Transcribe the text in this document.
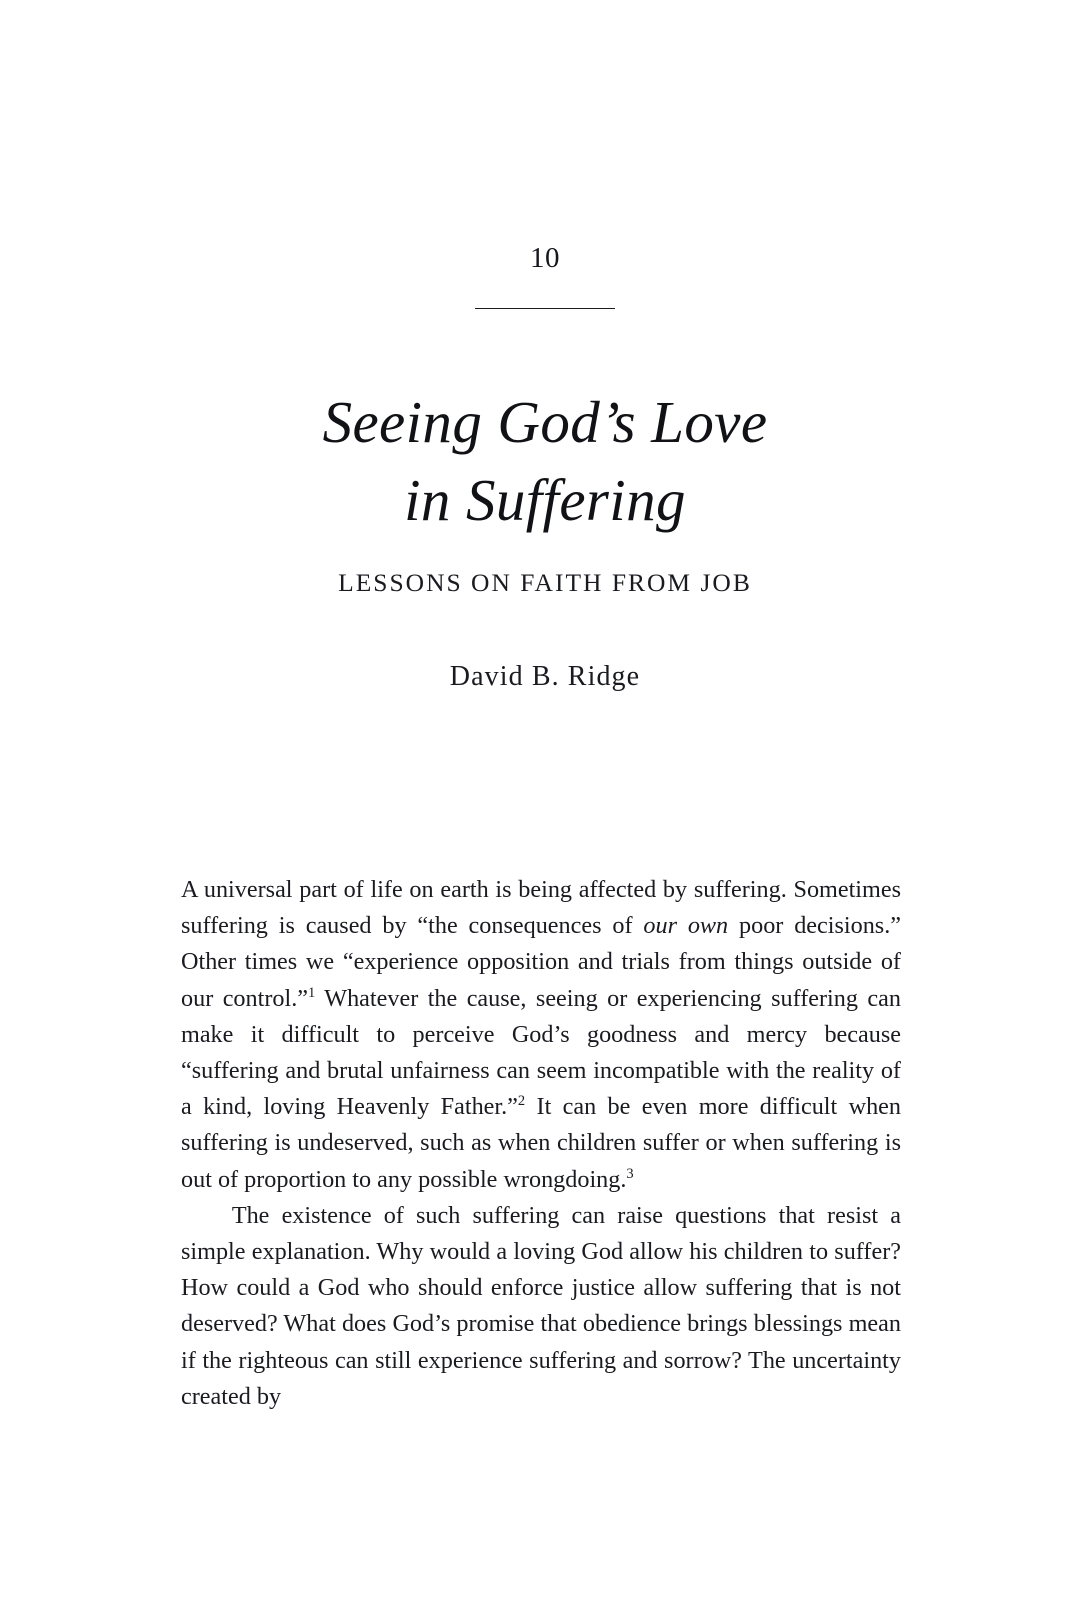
10
Seeing God’s Love
in Suffering
LESSONS ON FAITH FROM JOB
David B. Ridge

A universal part of life on earth is being affected by suffering. Sometimes suffering is caused by “the consequences of our own poor decisions.” Other times we “experience opposition and trials from things outside of our control.”$^1$ Whatever the cause, seeing or experiencing suffering can make it difficult to perceive God’s goodness and mercy because “suffering and brutal unfairness can seem incompatible with the reality of a kind, loving Heavenly Father.”$^2$ It can be even more difficult when suffering is undeserved, such as when children suffer or when suffering is out of proportion to any possible wrongdoing.$^3$

The existence of such suffering can raise questions that resist a simple explanation. Why would a loving God allow his children to suffer? How could a God who should enforce justice allow suffering that is not deserved? What does God’s promise that obedience brings blessings mean if the righteous can still experience suffering and sorrow? The uncertainty created by
